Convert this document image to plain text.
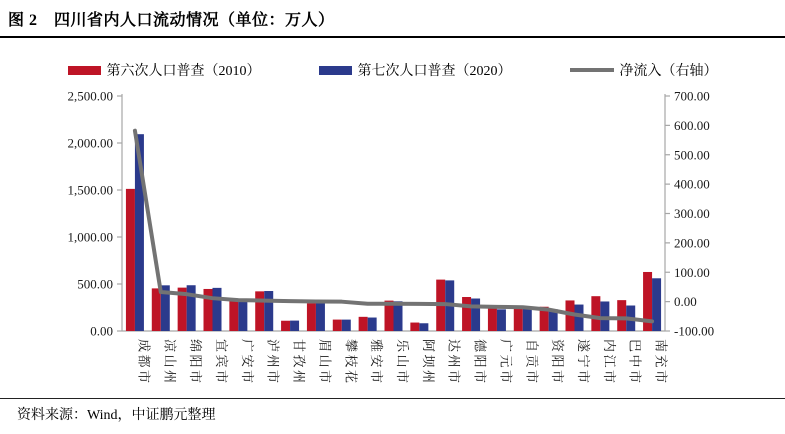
图 2　四川省内人口流动情况（单位：万人）
第六次人口普查（2010）	第七次人口普查（2020）	净流入（右轴）
0.00
500.00
1,000.00
1,500.00
2,000.00
2,500.00
-100.00
0.00
100.00
200.00
300.00
400.00
500.00
600.00
700.00
成都市 凉山州 绵阳市 宜宾市 广安市 泸州市 甘孜州 眉山市 攀枝花 雅安市 乐山市 阿坝州 达州市 德阳市 广元市 自贡市 资阳市 遂宁市 内江市 巴中市 南充市
资料来源：Wind，中证鹏元整理
